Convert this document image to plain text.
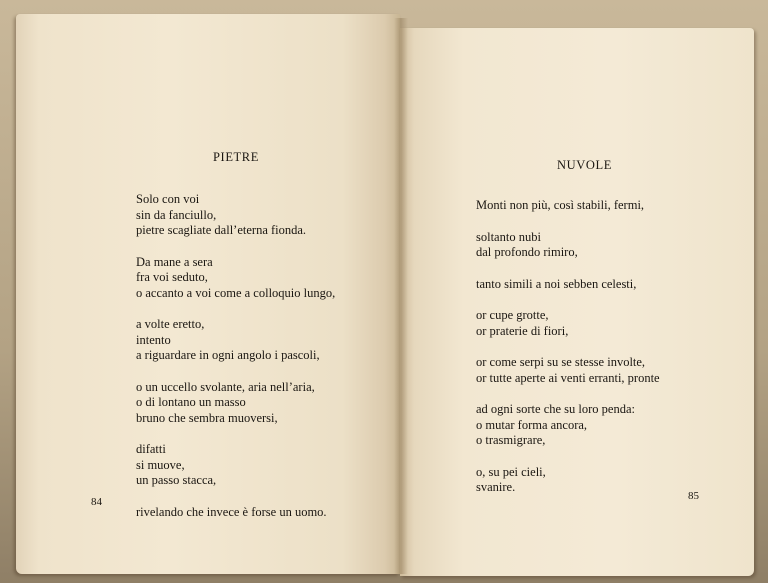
PIETRE
Solo con voi
sin da fanciullo,
pietre scagliate dall’eterna fionda.
Da mane a sera
fra voi seduto,
o accanto a voi come a colloquio lungo,
a volte eretto,
intento
a riguardare in ogni angolo i pascoli,
o un uccello svolante, aria nell’aria,
o di lontano un masso
bruno che sembra muoversi,
difatti
si muove,
un passo stacca,
rivelando che invece è forse un uomo.
84
NUVOLE
Monti non più, così stabili, fermi,
soltanto nubi
dal profondo rimiro,
tanto simili a noi sebben celesti,
or cupe grotte,
or praterie di fiori,
or come serpi su se stesse involte,
or tutte aperte ai venti erranti, pronte
ad ogni sorte che su loro penda:
o mutar forma ancora,
o trasmigrare,
o, su pei cieli,
svanire.
85
